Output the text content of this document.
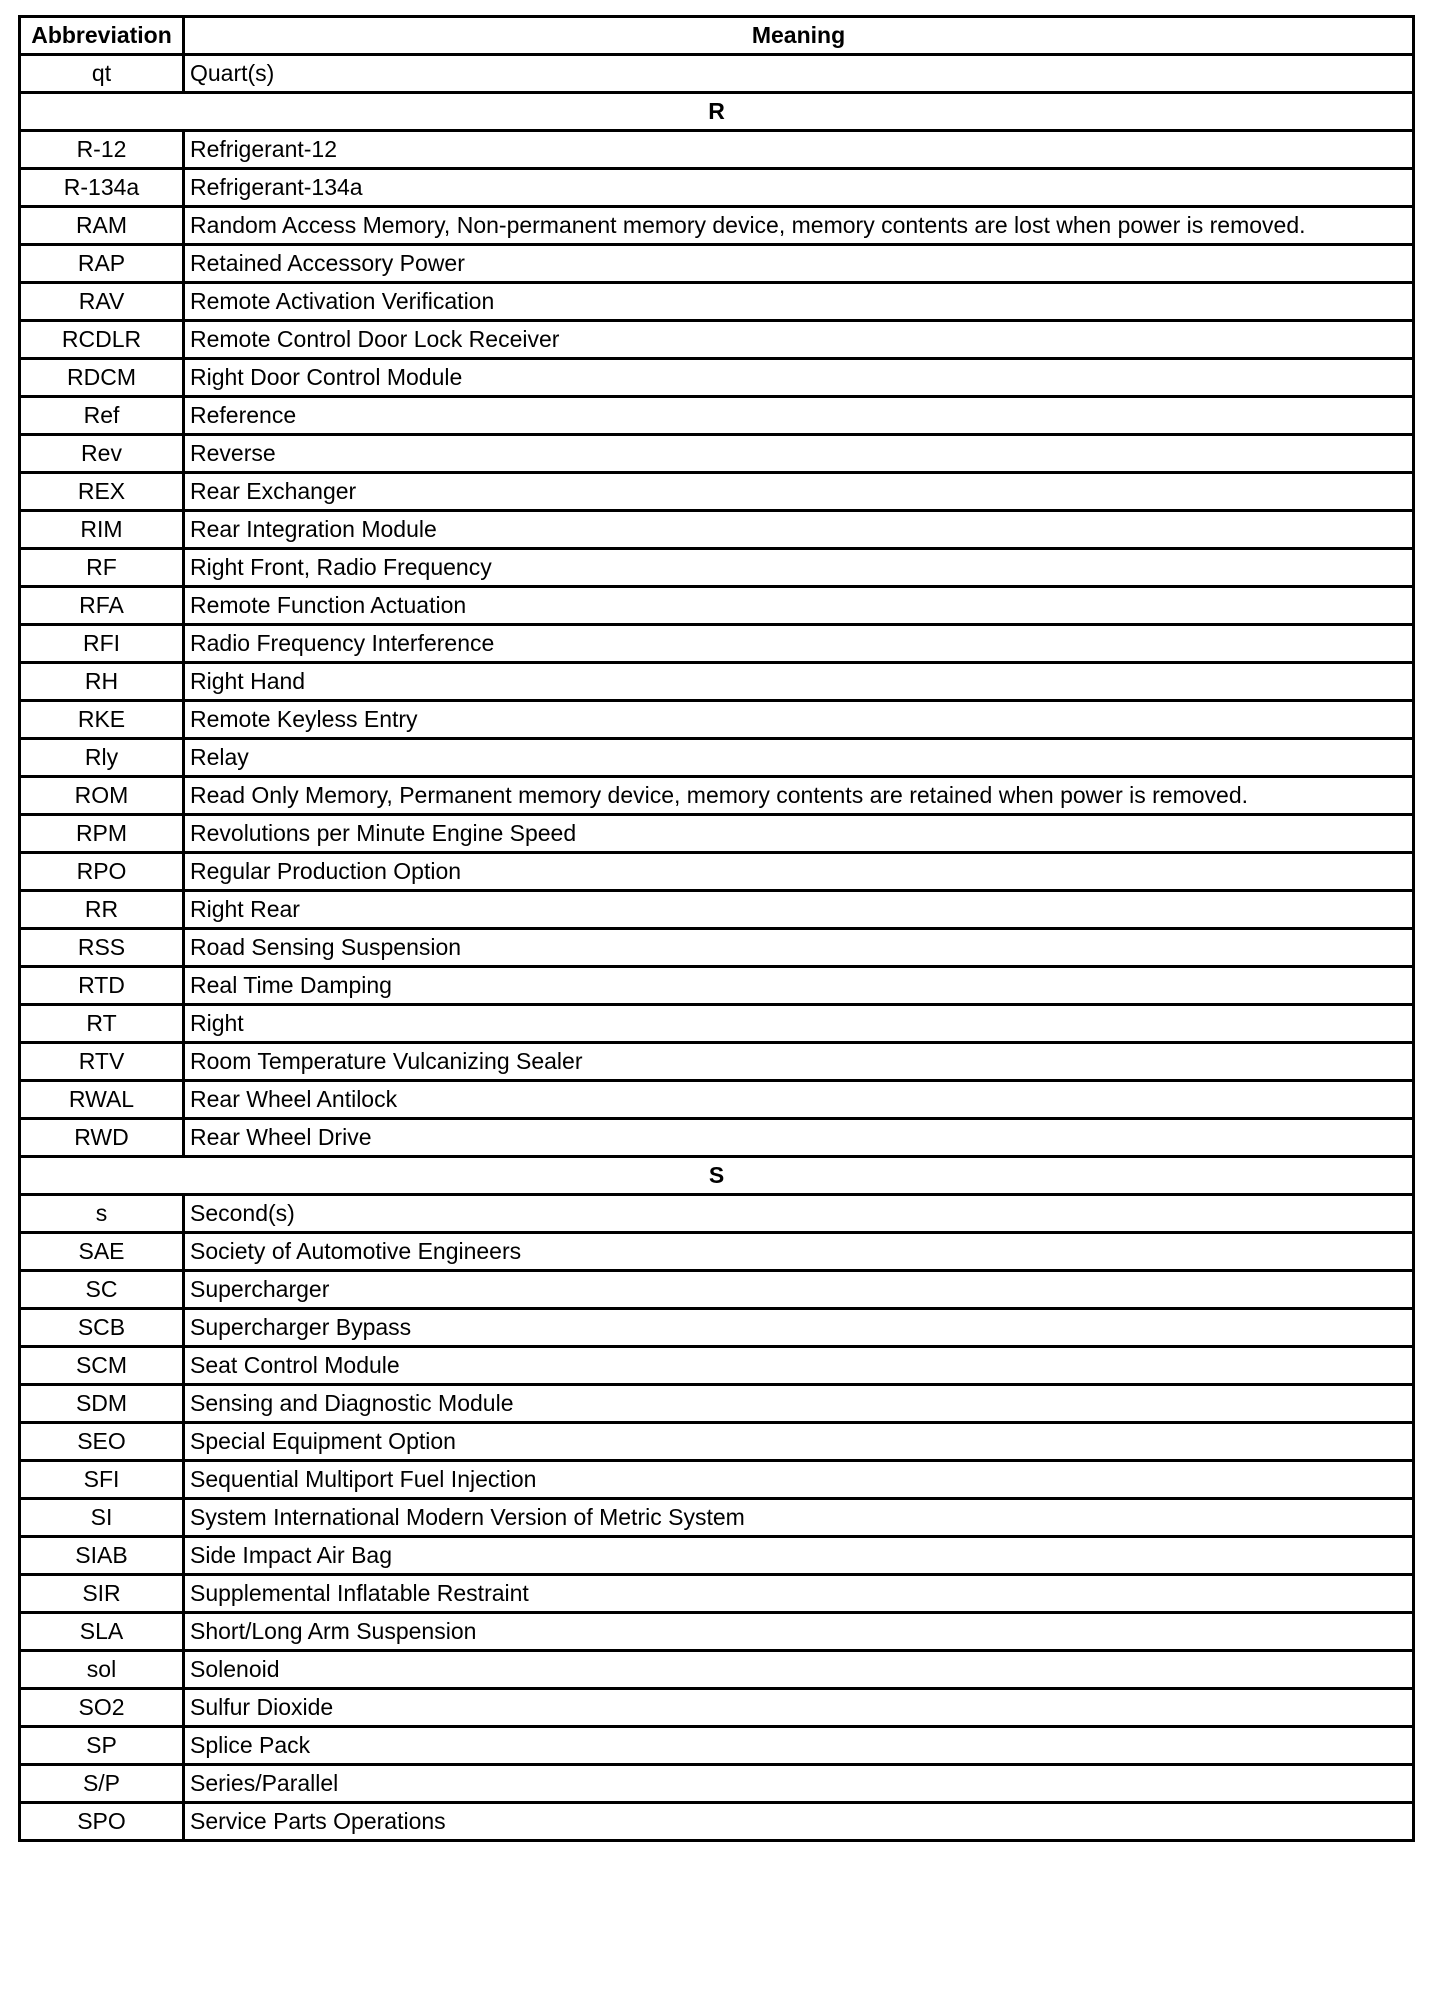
Abbreviation	Meaning
qt	Quart(s)
R	
R-12	Refrigerant-12
R-134a	Refrigerant-134a
RAM	Random Access Memory, Non-permanent memory device, memory contents are lost when power is removed.
RAP	Retained Accessory Power
RAV	Remote Activation Verification
RCDLR	Remote Control Door Lock Receiver
RDCM	Right Door Control Module
Ref	Reference
Rev	Reverse
REX	Rear Exchanger
RIM	Rear Integration Module
RF	Right Front, Radio Frequency
RFA	Remote Function Actuation
RFI	Radio Frequency Interference
RH	Right Hand
RKE	Remote Keyless Entry
Rly	Relay
ROM	Read Only Memory, Permanent memory device, memory contents are retained when power is removed.
RPM	Revolutions per Minute Engine Speed
RPO	Regular Production Option
RR	Right Rear
RSS	Road Sensing Suspension
RTD	Real Time Damping
RT	Right
RTV	Room Temperature Vulcanizing Sealer
RWAL	Rear Wheel Antilock
RWD	Rear Wheel Drive
S	
s	Second(s)
SAE	Society of Automotive Engineers
SC	Supercharger
SCB	Supercharger Bypass
SCM	Seat Control Module
SDM	Sensing and Diagnostic Module
SEO	Special Equipment Option
SFI	Sequential Multiport Fuel Injection
SI	System International Modern Version of Metric System
SIAB	Side Impact Air Bag
SIR	Supplemental Inflatable Restraint
SLA	Short/Long Arm Suspension
sol	Solenoid
SO2	Sulfur Dioxide
SP	Splice Pack
S/P	Series/Parallel
SPO	Service Parts Operations
